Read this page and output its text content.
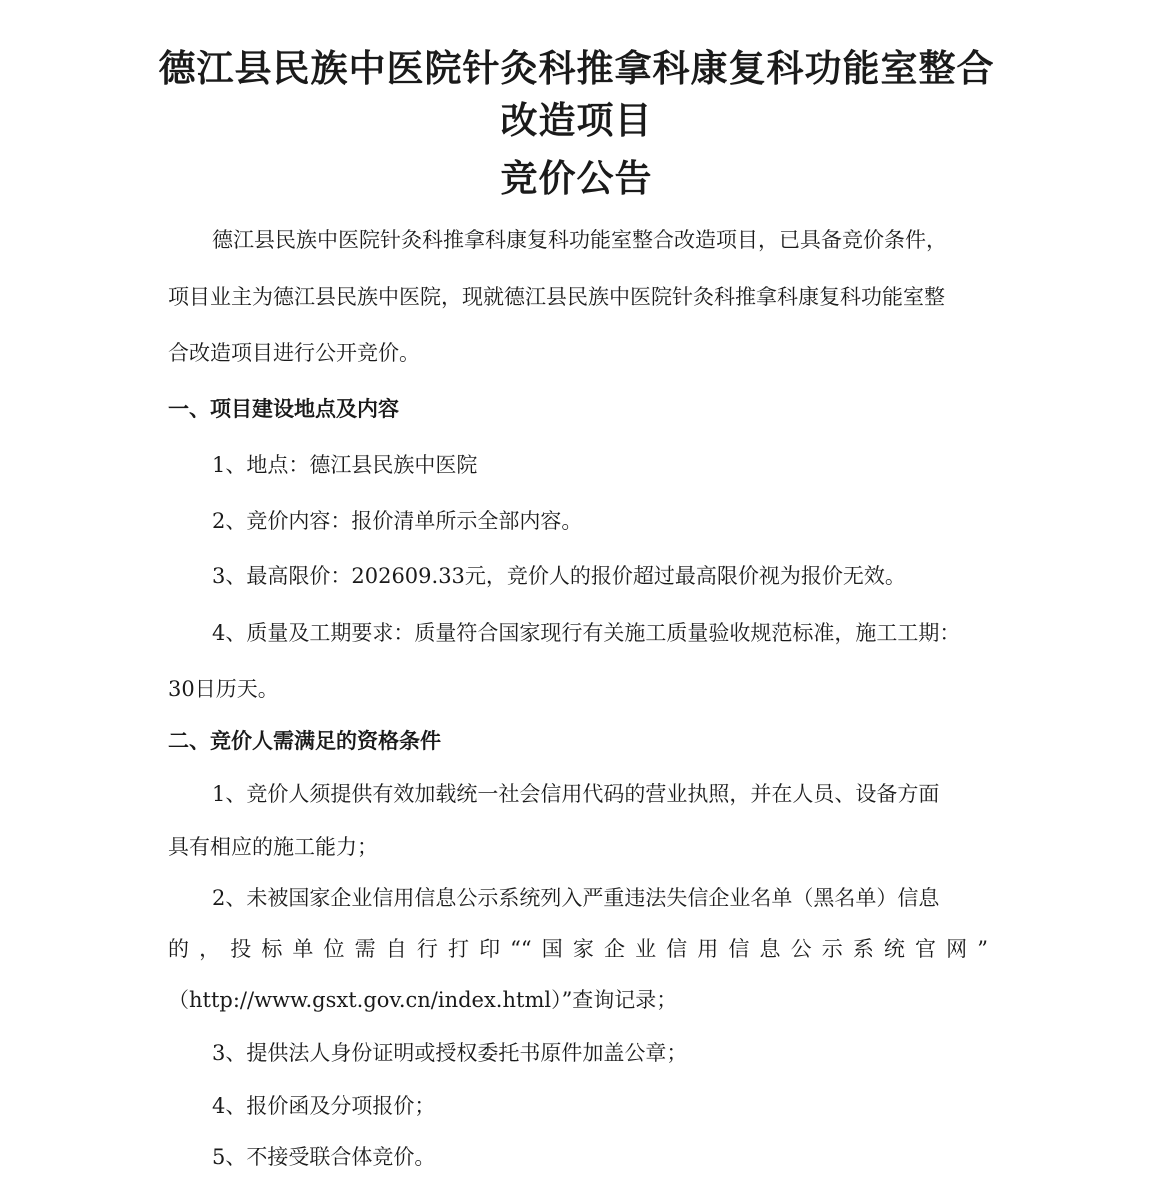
德江县民族中医院针灸科推拿科康复科功能室整合
改造项目
竞价公告
德江县民族中医院针灸科推拿科康复科功能室整合改造项目，已具备竞价条件，
项目业主为德江县民族中医院，现就德江县民族中医院针灸科推拿科康复科功能室整
合改造项目进行公开竞价。
一、项目建设地点及内容
1、地点：德江县民族中医院
2、竞价内容：报价清单所示全部内容。
3、最高限价：202609.33元，竞价人的报价超过最高限价视为报价无效。
4、质量及工期要求：质量符合国家现行有关施工质量验收规范标准，施工工期：
30日历天。
二、竞价人需满足的资格条件
1、竞价人须提供有效加载统一社会信用代码的营业执照，并在人员、设备方面
具有相应的施工能力；
2、未被国家企业信用信息公示系统列入严重违法失信企业名单（黑名单）信息
的，投标单位需自行打印““国家企业信用信息公示系统官网”
（http://www.gsxt.gov.cn/index.html）”查询记录；
3、提供法人身份证明或授权委托书原件加盖公章；
4、报价函及分项报价；
5、不接受联合体竞价。
